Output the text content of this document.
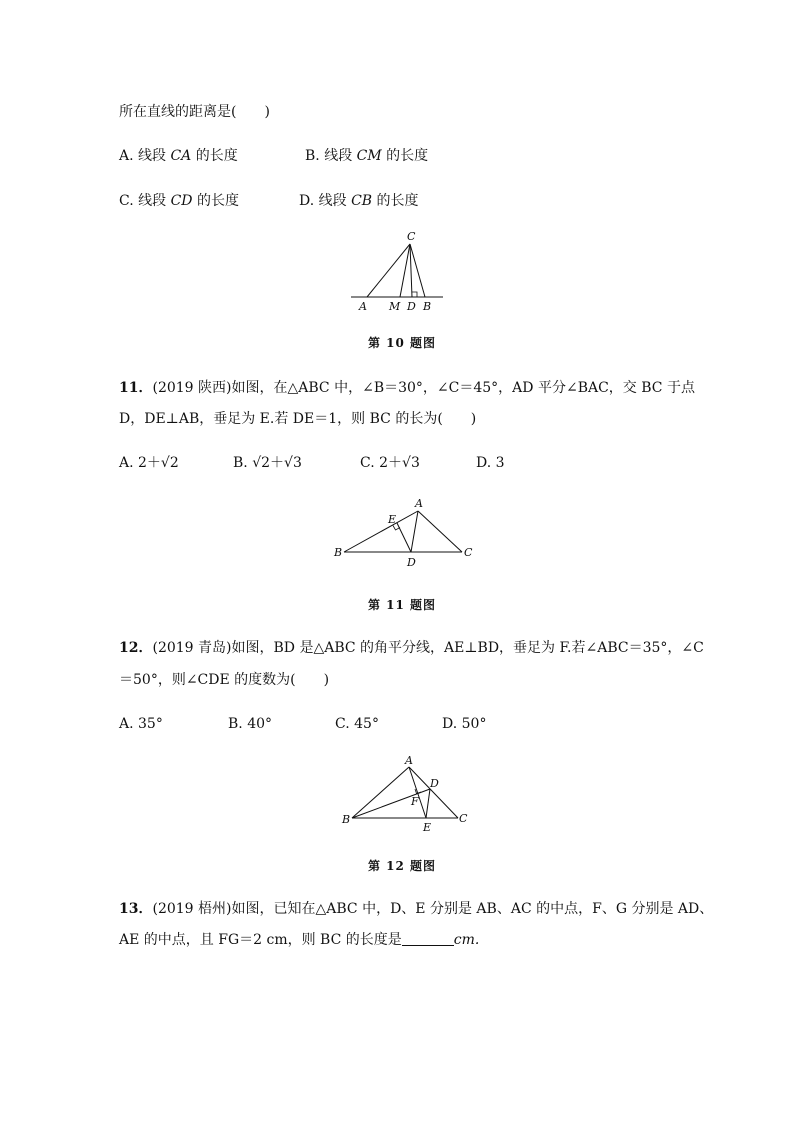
所在直线的距离是(　　)
A. 线段 CA 的长度	B. 线段 CM 的长度
C. 线段 CD 的长度	D. 线段 CB 的长度
C
A M D B
第 10 题图
11．(2019 陕西)如图，在△ABC 中，∠B＝30°，∠C＝45°，AD 平分∠BAC，交 BC 于点
D，DE⊥AB，垂足为 E.若 DE＝1，则 BC 的长为(　　)
A. 2＋√2	B. √2＋√3	C. 2＋√3	D. 3
A
E
B
D
C
第 11 题图
12．(2019 青岛)如图，BD 是△ABC 的角平分线，AE⊥BD，垂足为 F.若∠ABC＝35°，∠C
＝50°，则∠CDE 的度数为(　　)
A. 35°	B. 40°	C. 45°	D. 50°
A
D
F
B
E
C
第 12 题图
13．(2019 梧州)如图，已知在△ABC 中，D、E 分别是 AB、AC 的中点，F、G 分别是 AD、
AE 的中点，且 FG＝2 cm，则 BC 的长度是	cm.
